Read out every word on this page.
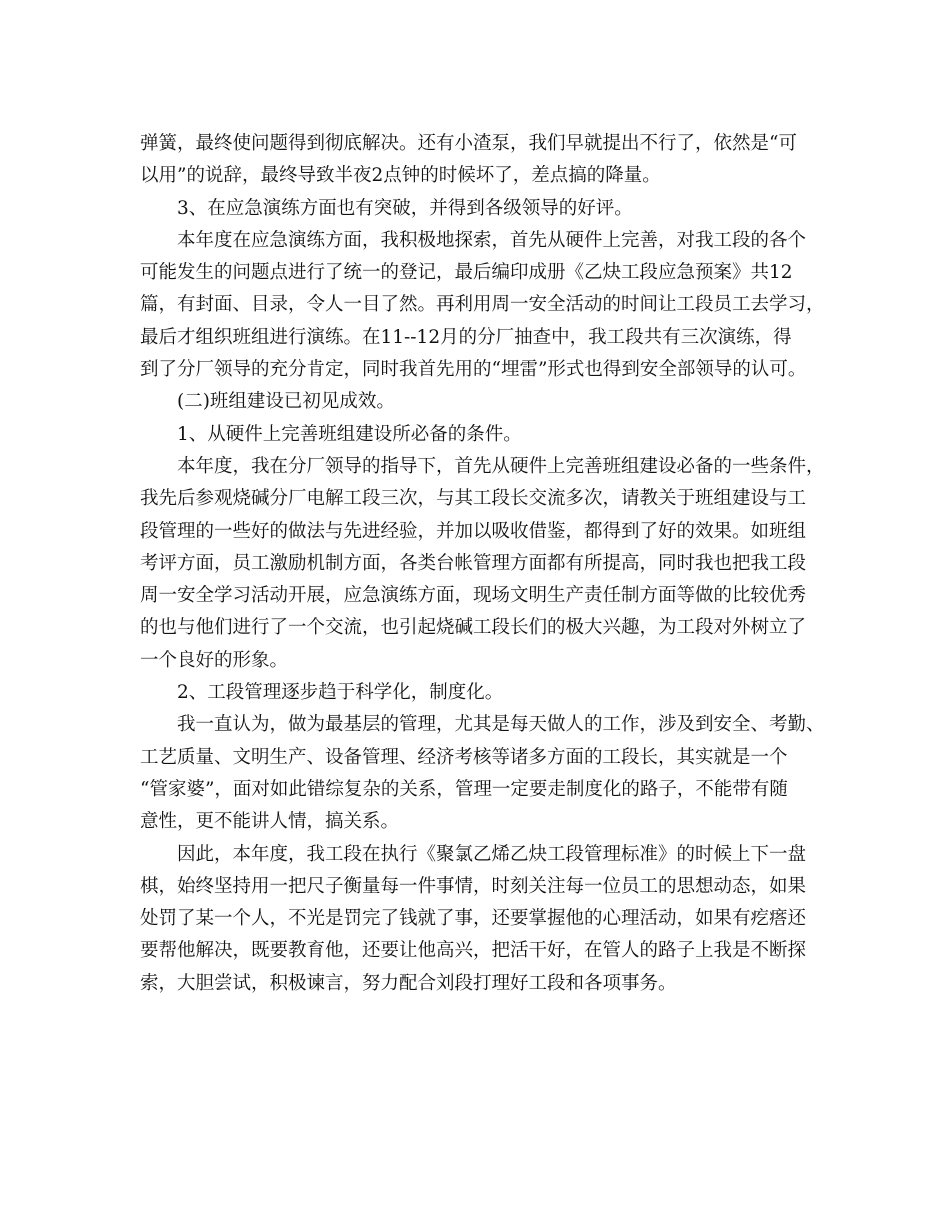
弹簧，最终使问题得到彻底解决。还有小渣泵，我们早就提出不行了，依然是“可
以用”的说辞，最终导致半夜2点钟的时候坏了，差点搞的降量。
3、在应急演练方面也有突破，并得到各级领导的好评。
本年度在应急演练方面，我积极地探索，首先从硬件上完善，对我工段的各个
可能发生的问题点进行了统一的登记，最后编印成册《乙炔工段应急预案》共12
篇，有封面、目录，令人一目了然。再利用周一安全活动的时间让工段员工去学习，
最后才组织班组进行演练。在11--12月的分厂抽查中，我工段共有三次演练，得
到了分厂领导的充分肯定，同时我首先用的“埋雷”形式也得到安全部领导的认可。
(二)班组建设已初见成效。
1、从硬件上完善班组建设所必备的条件。
本年度，我在分厂领导的指导下，首先从硬件上完善班组建设必备的一些条件，
我先后参观烧碱分厂电解工段三次，与其工段长交流多次，请教关于班组建设与工
段管理的一些好的做法与先进经验，并加以吸收借鉴，都得到了好的效果。如班组
考评方面，员工激励机制方面，各类台帐管理方面都有所提高，同时我也把我工段
周一安全学习活动开展，应急演练方面，现场文明生产责任制方面等做的比较优秀
的也与他们进行了一个交流，也引起烧碱工段长们的极大兴趣，为工段对外树立了
一个良好的形象。
2、工段管理逐步趋于科学化，制度化。
我一直认为，做为最基层的管理，尤其是每天做人的工作，涉及到安全、考勤、
工艺质量、文明生产、设备管理、经济考核等诸多方面的工段长，其实就是一个
“管家婆”，面对如此错综复杂的关系，管理一定要走制度化的路子，不能带有随
意性，更不能讲人情，搞关系。
因此，本年度，我工段在执行《聚氯乙烯乙炔工段管理标准》的时候上下一盘
棋，始终坚持用一把尺子衡量每一件事情，时刻关注每一位员工的思想动态，如果
处罚了某一个人，不光是罚完了钱就了事，还要掌握他的心理活动，如果有疙瘩还
要帮他解决，既要教育他，还要让他高兴，把活干好，在管人的路子上我是不断探
索，大胆尝试，积极谏言，努力配合刘段打理好工段和各项事务。
